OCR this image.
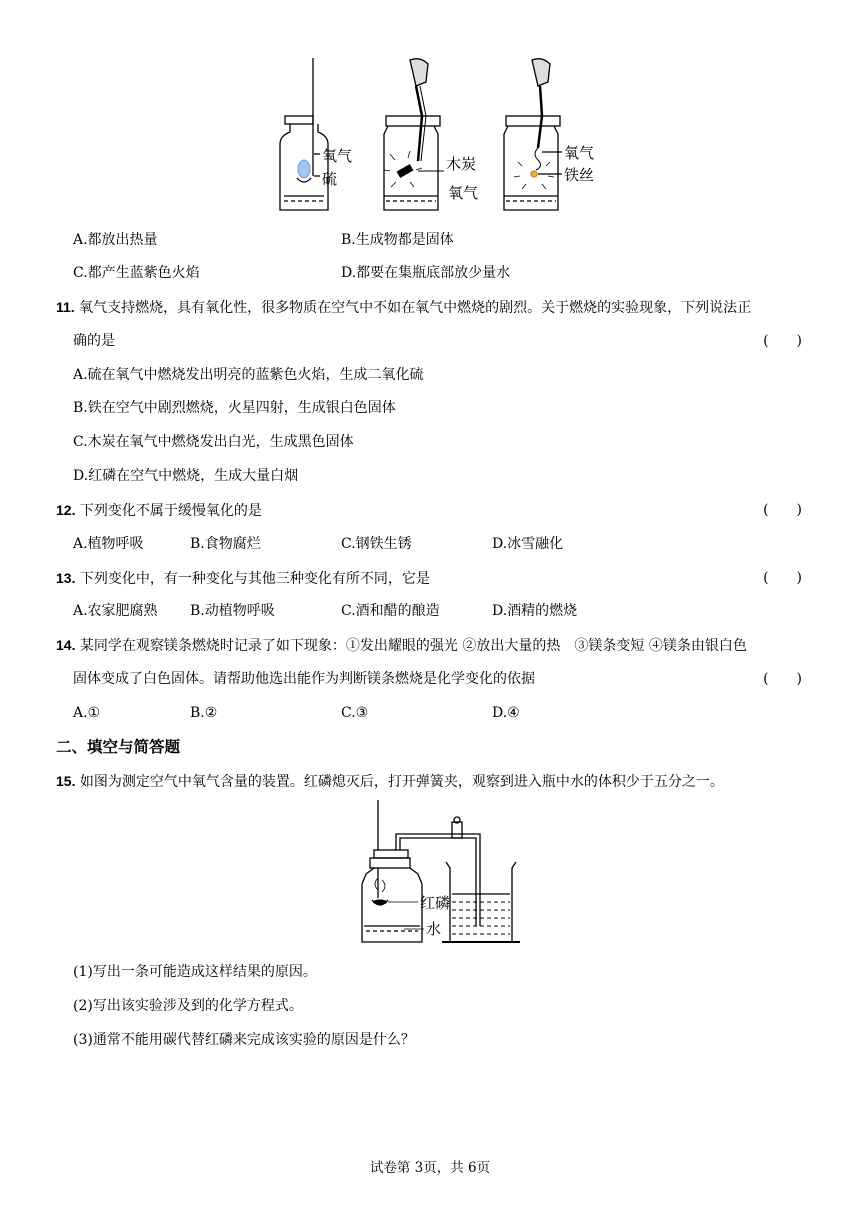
氧气
硫
木炭
氧气
氧气
铁丝
A.都放出热量	B.生成物都是固体
C.都产生蓝紫色火焰	D.都要在集瓶底部放少量水
11. 氧气支持燃烧，具有氧化性，很多物质在空气中不如在氧气中燃烧的剧烈。关于燃烧的实验现象，下列说法正
确的是	(　　)
A.硫在氧气中燃烧发出明亮的蓝紫色火焰，生成二氧化硫
B.铁在空气中剧烈燃烧，火星四射，生成银白色固体
C.木炭在氧气中燃烧发出白光，生成黑色固体
D.红磷在空气中燃烧，生成大量白烟
12. 下列变化不属于缓慢氧化的是	(　　)
A.植物呼吸	B.食物腐烂	C.钢铁生锈	D.冰雪融化
13. 下列变化中，有一种变化与其他三种变化有所不同，它是	(　　)
A.农家肥腐熟 B.动植物呼吸	C.酒和醋的酿造	D.酒精的燃烧
14. 某同学在观察镁条燃烧时记录了如下现象：①发出耀眼的强光 ②放出大量的热　③镁条变短 ④镁条由银白色
固体变成了白色固体。请帮助他选出能作为判断镁条燃烧是化学变化的依据	(　　)
A.①	B.②	C.③	D.④
二、填空与简答题
15. 如图为测定空气中氧气含量的装置。红磷熄灭后，打开弹簧夹，观察到进入瓶中水的体积少于五分之一。
红磷
水
(1)写出一条可能造成这样结果的原因。
(2)写出该实验涉及到的化学方程式。
(3)通常不能用碳代替红磷来完成该实验的原因是什么？
试卷第 3页，共 6页
